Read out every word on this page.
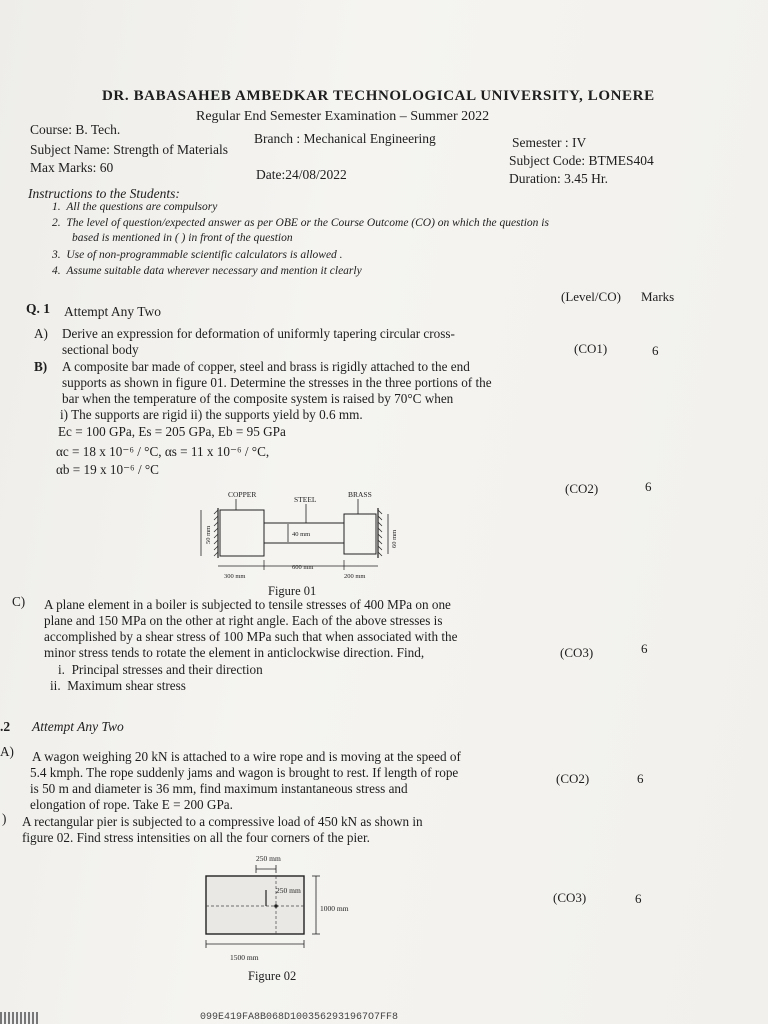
DR. BABASAHEB AMBEDKAR TECHNOLOGICAL UNIVERSITY, LONERE
Regular End Semester Examination – Summer 2022
Course: B. Tech.
Branch : Mechanical Engineering	Semester : IV
Subject Name: Strength of Materials
Subject Code: BTMES404
Max Marks: 60	Date:24/08/2022	Duration: 3.45 Hr.
Instructions to the Students:
1. All the questions are compulsory
2. The level of question/expected answer as per OBE or the Course Outcome (CO) on which the question is
based is mentioned in ( ) in front of the question
3. Use of non-programmable scientific calculators is allowed .
4. Assume suitable data wherever necessary and mention it clearly
(Level/CO) Marks
Q. 1 Attempt Any Two
A) Derive an expression for deformation of uniformly tapering circular cross-
sectional body	(CO1)	6
B) A composite bar made of copper, steel and brass is rigidly attached to the end
supports as shown in figure 01. Determine the stresses in the three portions of the
bar when the temperature of the composite system is raised by 70°C when
i) The supports are rigid ii) the supports yield by 0.6 mm.
Ec = 100 GPa, Es = 205 GPa, Eb = 95 GPa
αc = 18 x 10⁻⁶ / °C, αs = 11 x 10⁻⁶ / °C,
αb = 19 x 10⁻⁶ / °C
(CO2)	6
COPPER
STEEL
BRASS
50 mm	40 mm	60 mm
300 mm
600 mm
200 mm
Figure 01
C) A plane element in a boiler is subjected to tensile stresses of 400 MPa on one
plane and 150 MPa on the other at right angle. Each of the above stresses is
accomplished by a shear stress of 100 MPa such that when associated with the
minor stress tends to rotate the element in anticlockwise direction. Find,
i. Principal stresses and their direction
ii. Maximum shear stress
(CO3)	6
.2 Attempt Any Two
A) A wagon weighing 20 kN is attached to a wire rope and is moving at the speed of
5.4 kmph. The rope suddenly jams and wagon is brought to rest. If length of rope
is 50 m and diameter is 36 mm, find maximum instantaneous stress and
elongation of rope. Take E = 200 GPa.
(CO2)	6
) A rectangular pier is subjected to a compressive load of 450 kN as shown in
figure 02. Find stress intensities on all the four corners of the pier.
(CO3)	6
250 mm
250 mm
1000 mm
1500 mm
Figure 02
099E419FA8B068D1003562931967O7FF8
